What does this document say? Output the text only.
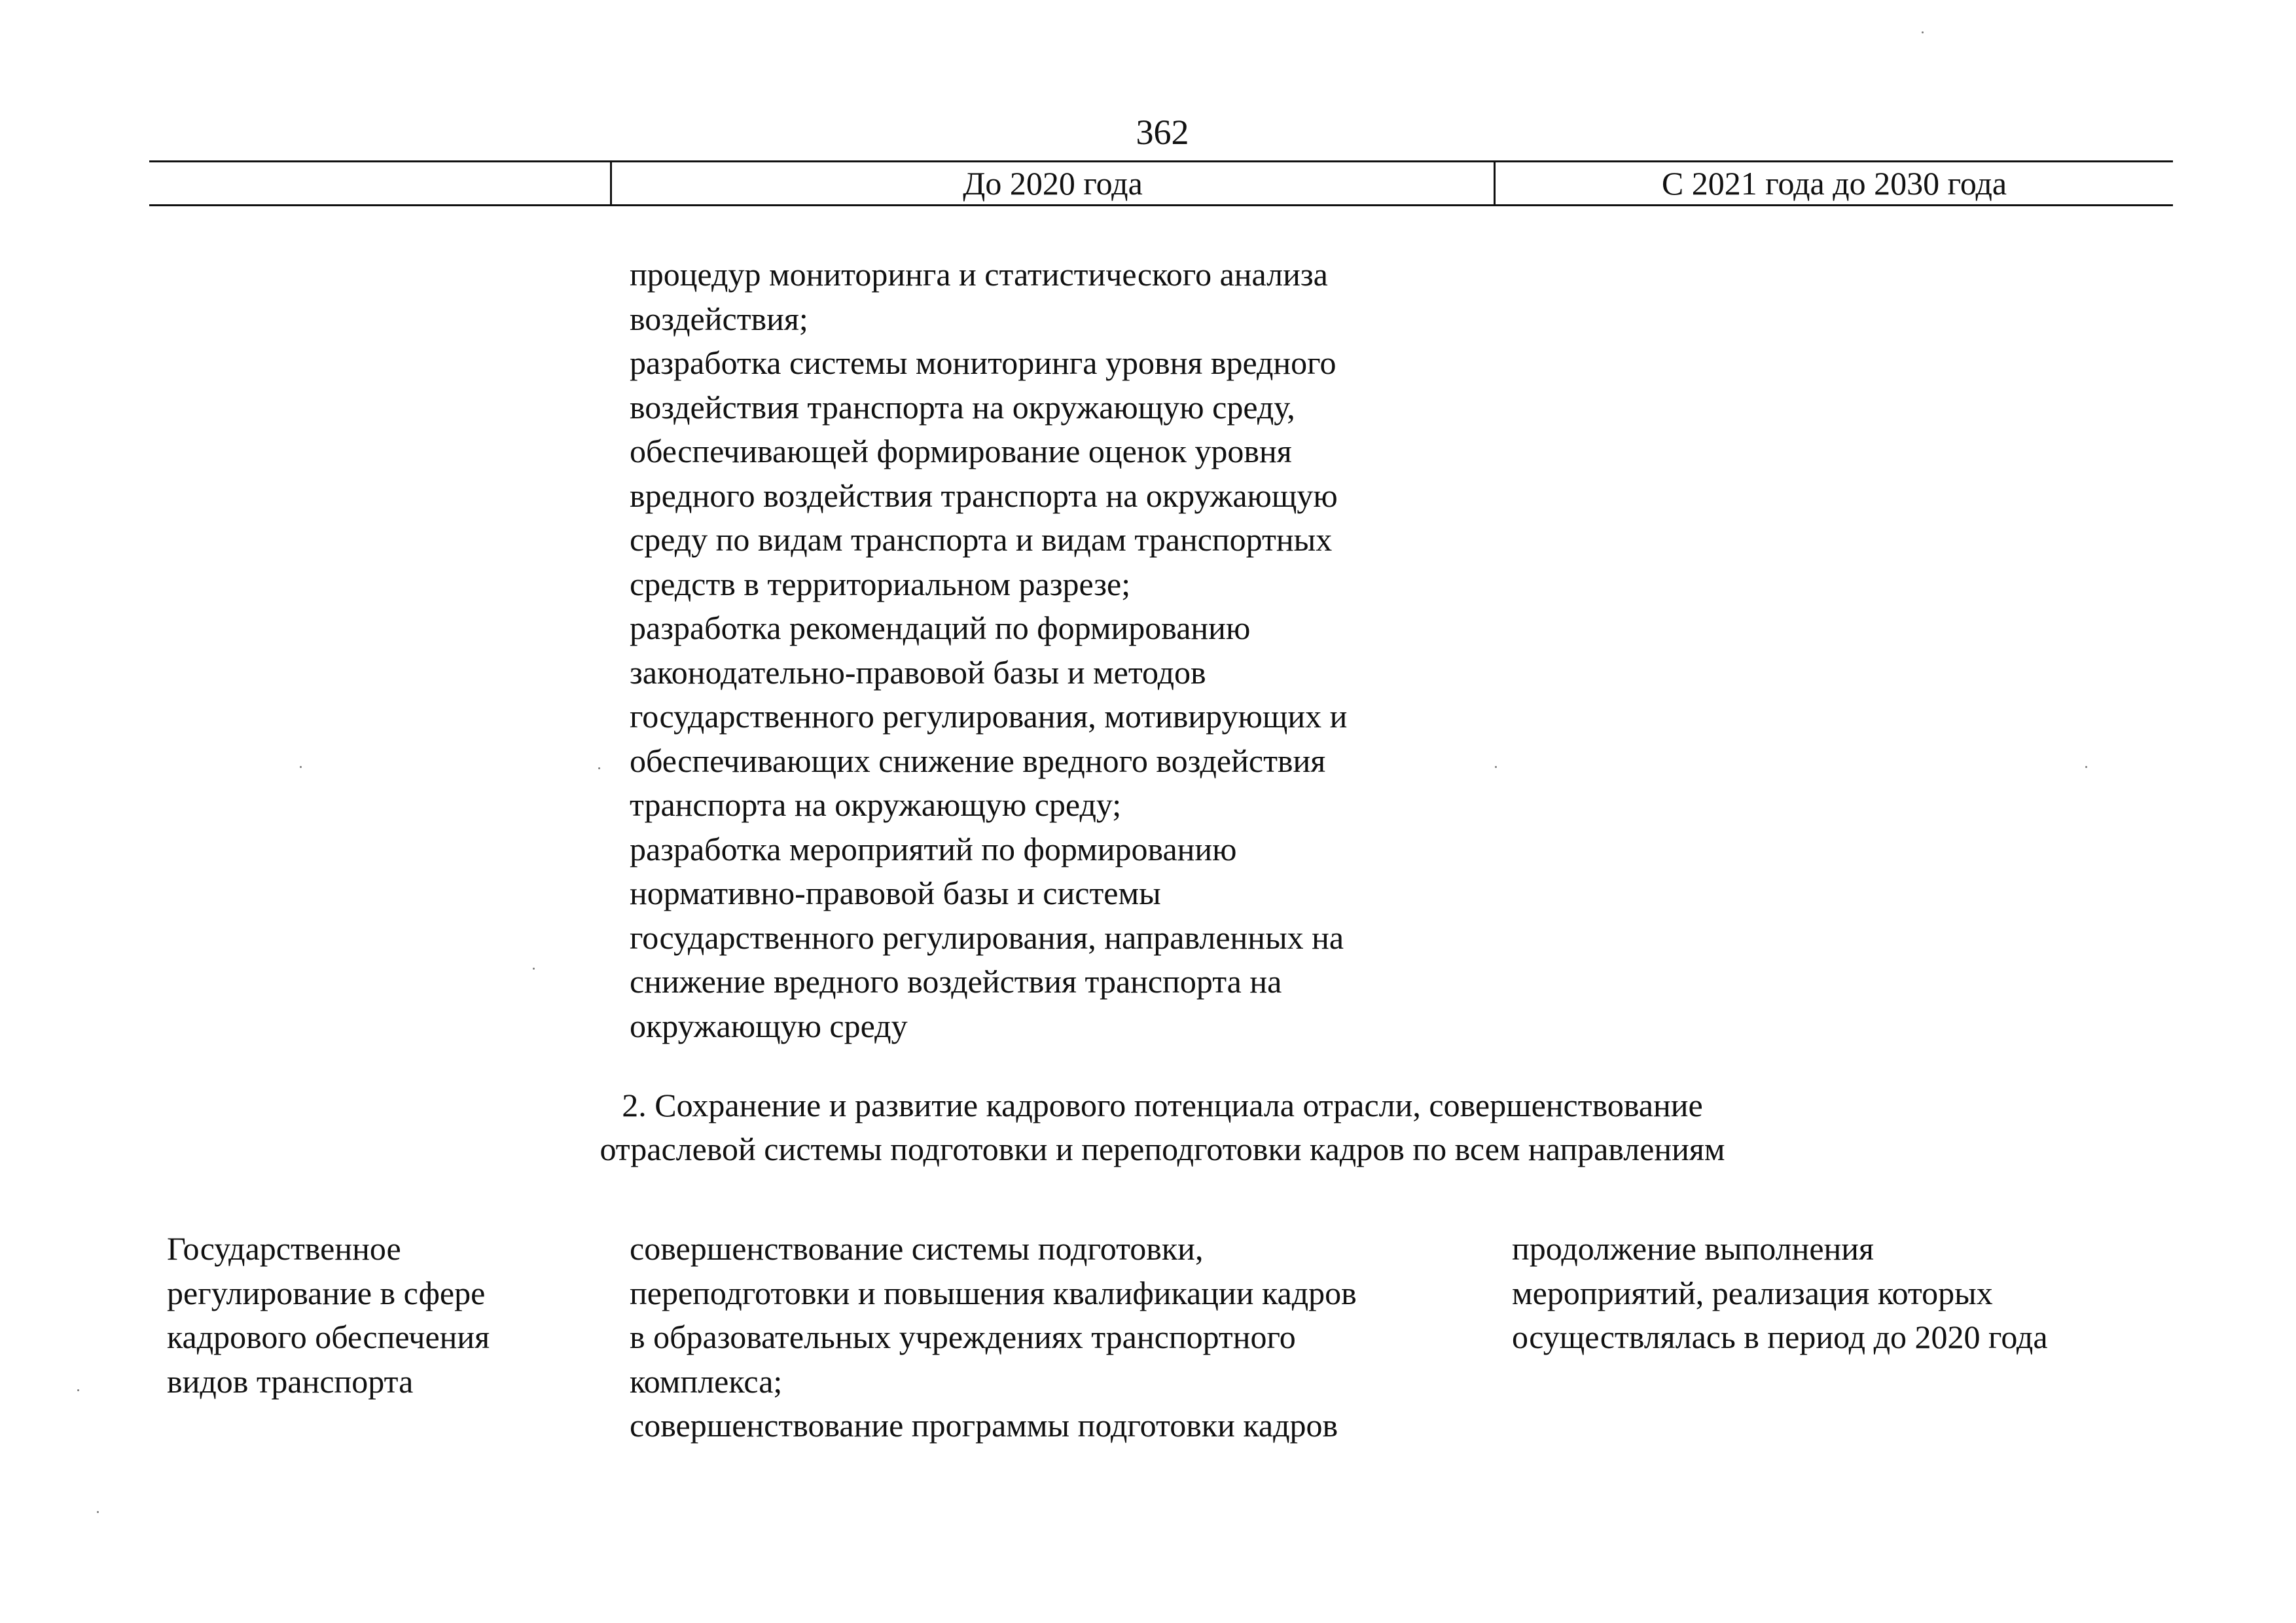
362
До 2020 года	С 2021 года до 2030 года

процедур мониторинга и статистического анализа
воздействия;
разработка системы мониторинга уровня вредного
воздействия транспорта на окружающую среду,
обеспечивающей формирование оценок уровня
вредного воздействия транспорта на окружающую
среду по видам транспорта и видам транспортных
средств в территориальном разрезе;
разработка рекомендаций по формированию
законодательно-правовой базы и методов
государственного регулирования, мотивирующих и
обеспечивающих снижение вредного воздействия
транспорта на окружающую среду;
разработка мероприятий по формированию
нормативно-правовой базы и системы
государственного регулирования, направленных на
снижение вредного воздействия транспорта на
окружающую среду

2. Сохранение и развитие кадрового потенциала отрасли, совершенствование
отраслевой системы подготовки и переподготовки кадров по всем направлениям

Государственное
регулирование в сфере
кадрового обеспечения
видов транспорта

совершенствование системы подготовки,
переподготовки и повышения квалификации кадров
в образовательных учреждениях транспортного
комплекса;
совершенствование программы подготовки кадров

продолжение выполнения
мероприятий, реализация которых
осуществлялась в период до 2020 года
